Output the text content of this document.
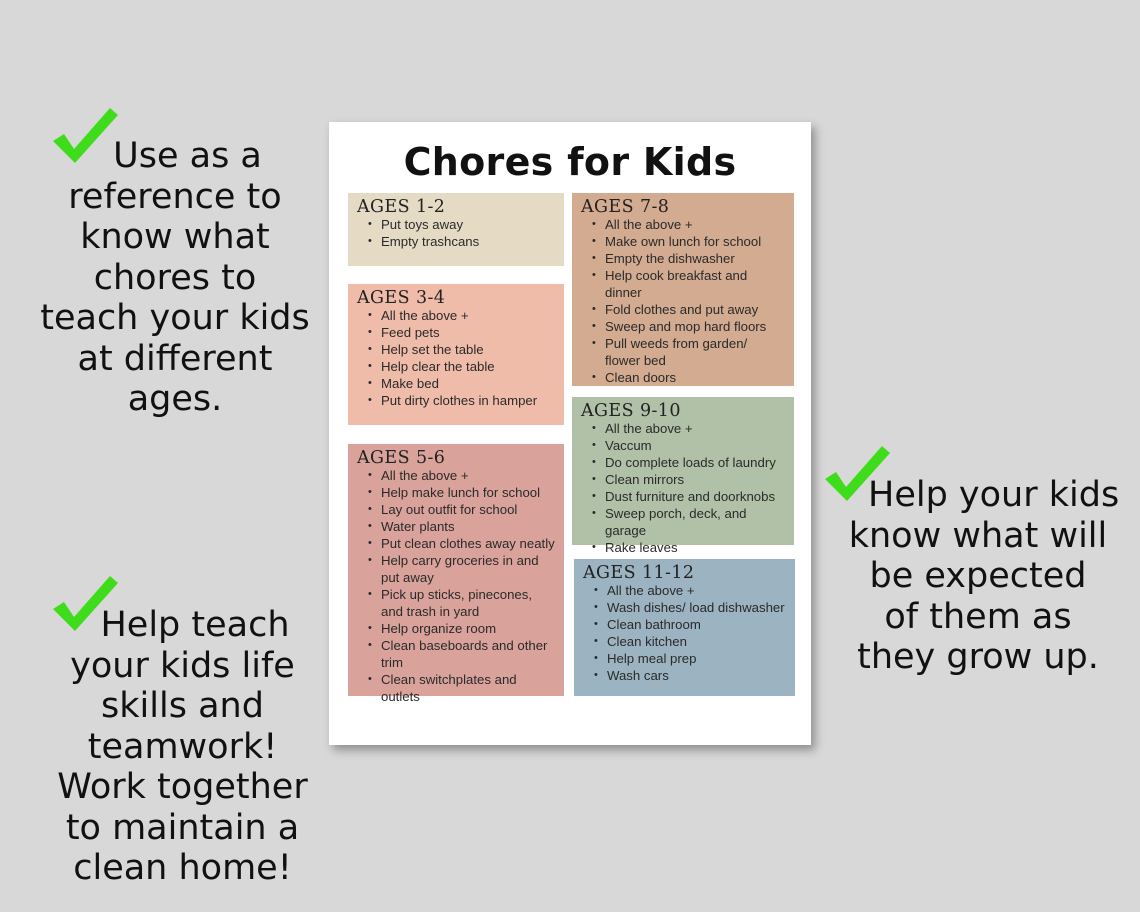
Use as a
reference to
know what
chores to
teach your kids
at different
ages.
Help teach
your kids life
skills and
teamwork!
Work together
to maintain a
clean home!
Help your kids
know what will
be expected
of them as
they grow up.
Chores for Kids
AGES 1-2
• Put toys away
• Empty trashcans
AGES 3-4
• All the above +
• Feed pets
• Help set the table
• Help clear the table
• Make bed
• Put dirty clothes in hamper
AGES 5-6
• All the above +
• Help make lunch for school
• Lay out outfit for school
• Water plants
• Put clean clothes away neatly
• Help carry groceries in and put away
• Pick up sticks, pinecones, and trash in yard
• Help organize room
• Clean baseboards and other trim
• Clean switchplates and outlets
AGES 7-8
• All the above +
• Make own lunch for school
• Empty the dishwasher
• Help cook breakfast and dinner
• Fold clothes and put away
• Sweep and mop hard floors
• Pull weeds from garden/ flower bed
• Clean doors
AGES 9-10
• All the above +
• Vaccum
• Do complete loads of laundry
• Clean mirrors
• Dust furniture and doorknobs
• Sweep porch, deck, and garage
• Rake leaves
AGES 11-12
• All the above +
• Wash dishes/ load dishwasher
• Clean bathroom
• Clean kitchen
• Help meal prep
• Wash cars
